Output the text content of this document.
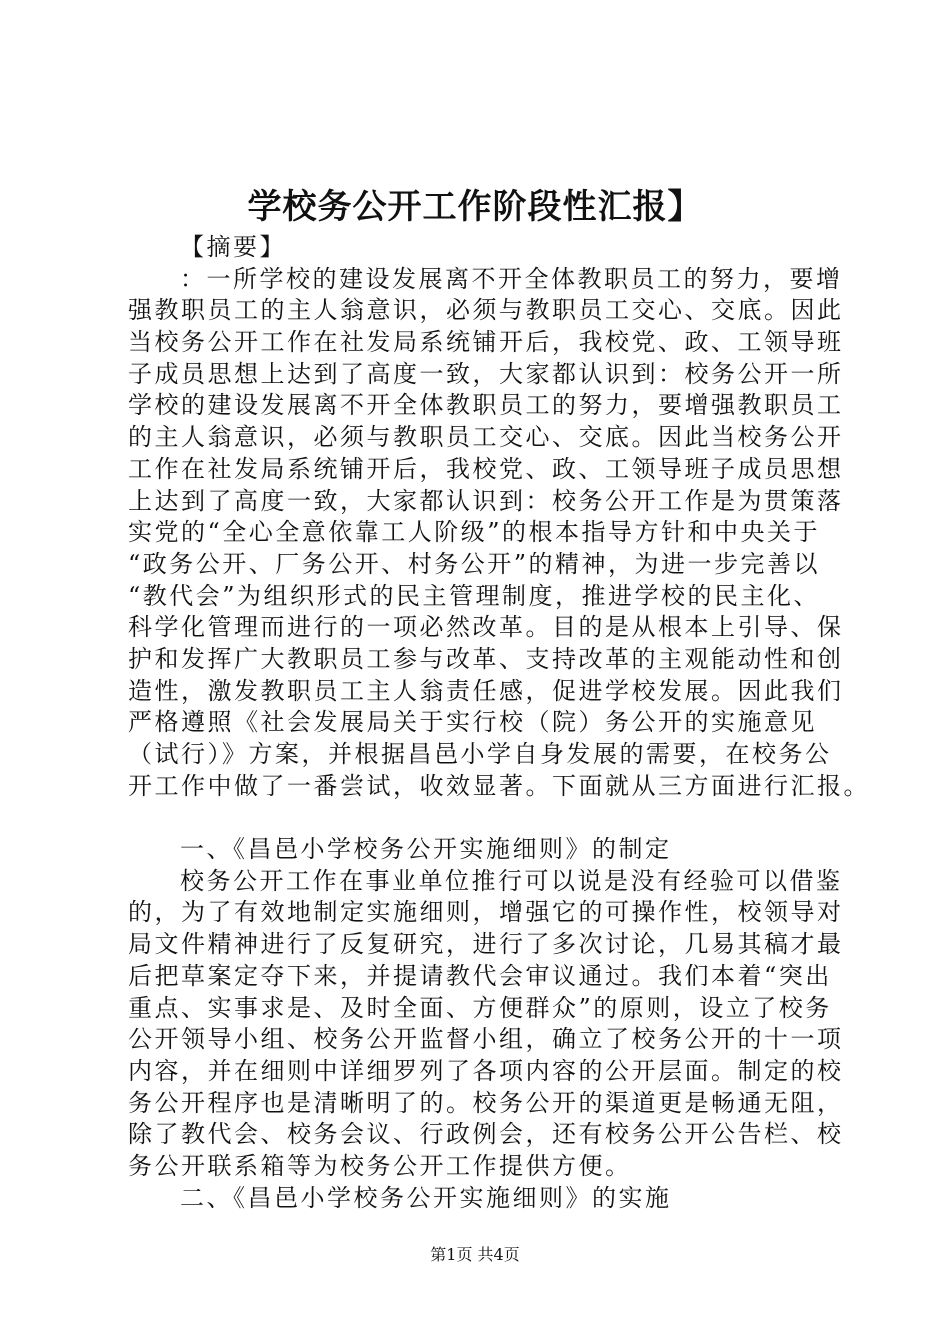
学校务公开工作阶段性汇报】
【摘要】
：一所学校的建设发展离不开全体教职员工的努力，要增
强教职员工的主人翁意识，必须与教职员工交心、交底。因此
当校务公开工作在社发局系统铺开后，我校党、政、工领导班
子成员思想上达到了高度一致，大家都认识到：校务公开一所
学校的建设发展离不开全体教职员工的努力，要增强教职员工
的主人翁意识，必须与教职员工交心、交底。因此当校务公开
工作在社发局系统铺开后，我校党、政、工领导班子成员思想
上达到了高度一致，大家都认识到：校务公开工作是为贯策落
实党的“全心全意依靠工人阶级”的根本指导方针和中央关于
“政务公开、厂务公开、村务公开”的精神，为进一步完善以
“教代会”为组织形式的民主管理制度，推进学校的民主化、
科学化管理而进行的一项必然改革。目的是从根本上引导、保
护和发挥广大教职员工参与改革、支持改革的主观能动性和创
造性，激发教职员工主人翁责任感，促进学校发展。因此我们
严格遵照《社会发展局关于实行校（院）务公开的实施意见
（试行）》方案，并根据昌邑小学自身发展的需要，在校务公
开工作中做了一番尝试，收效显著。下面就从三方面进行汇报。
一、《昌邑小学校务公开实施细则》的制定
校务公开工作在事业单位推行可以说是没有经验可以借鉴
的，为了有效地制定实施细则，增强它的可操作性，校领导对
局文件精神进行了反复研究，进行了多次讨论，几易其稿才最
后把草案定夺下来，并提请教代会审议通过。我们本着“突出
重点、实事求是、及时全面、方便群众”的原则，设立了校务
公开领导小组、校务公开监督小组，确立了校务公开的十一项
内容，并在细则中详细罗列了各项内容的公开层面。制定的校
务公开程序也是清晰明了的。校务公开的渠道更是畅通无阻，
除了教代会、校务会议、行政例会，还有校务公开公告栏、校
务公开联系箱等为校务公开工作提供方便。
二、《昌邑小学校务公开实施细则》的实施
第1页 共4页
